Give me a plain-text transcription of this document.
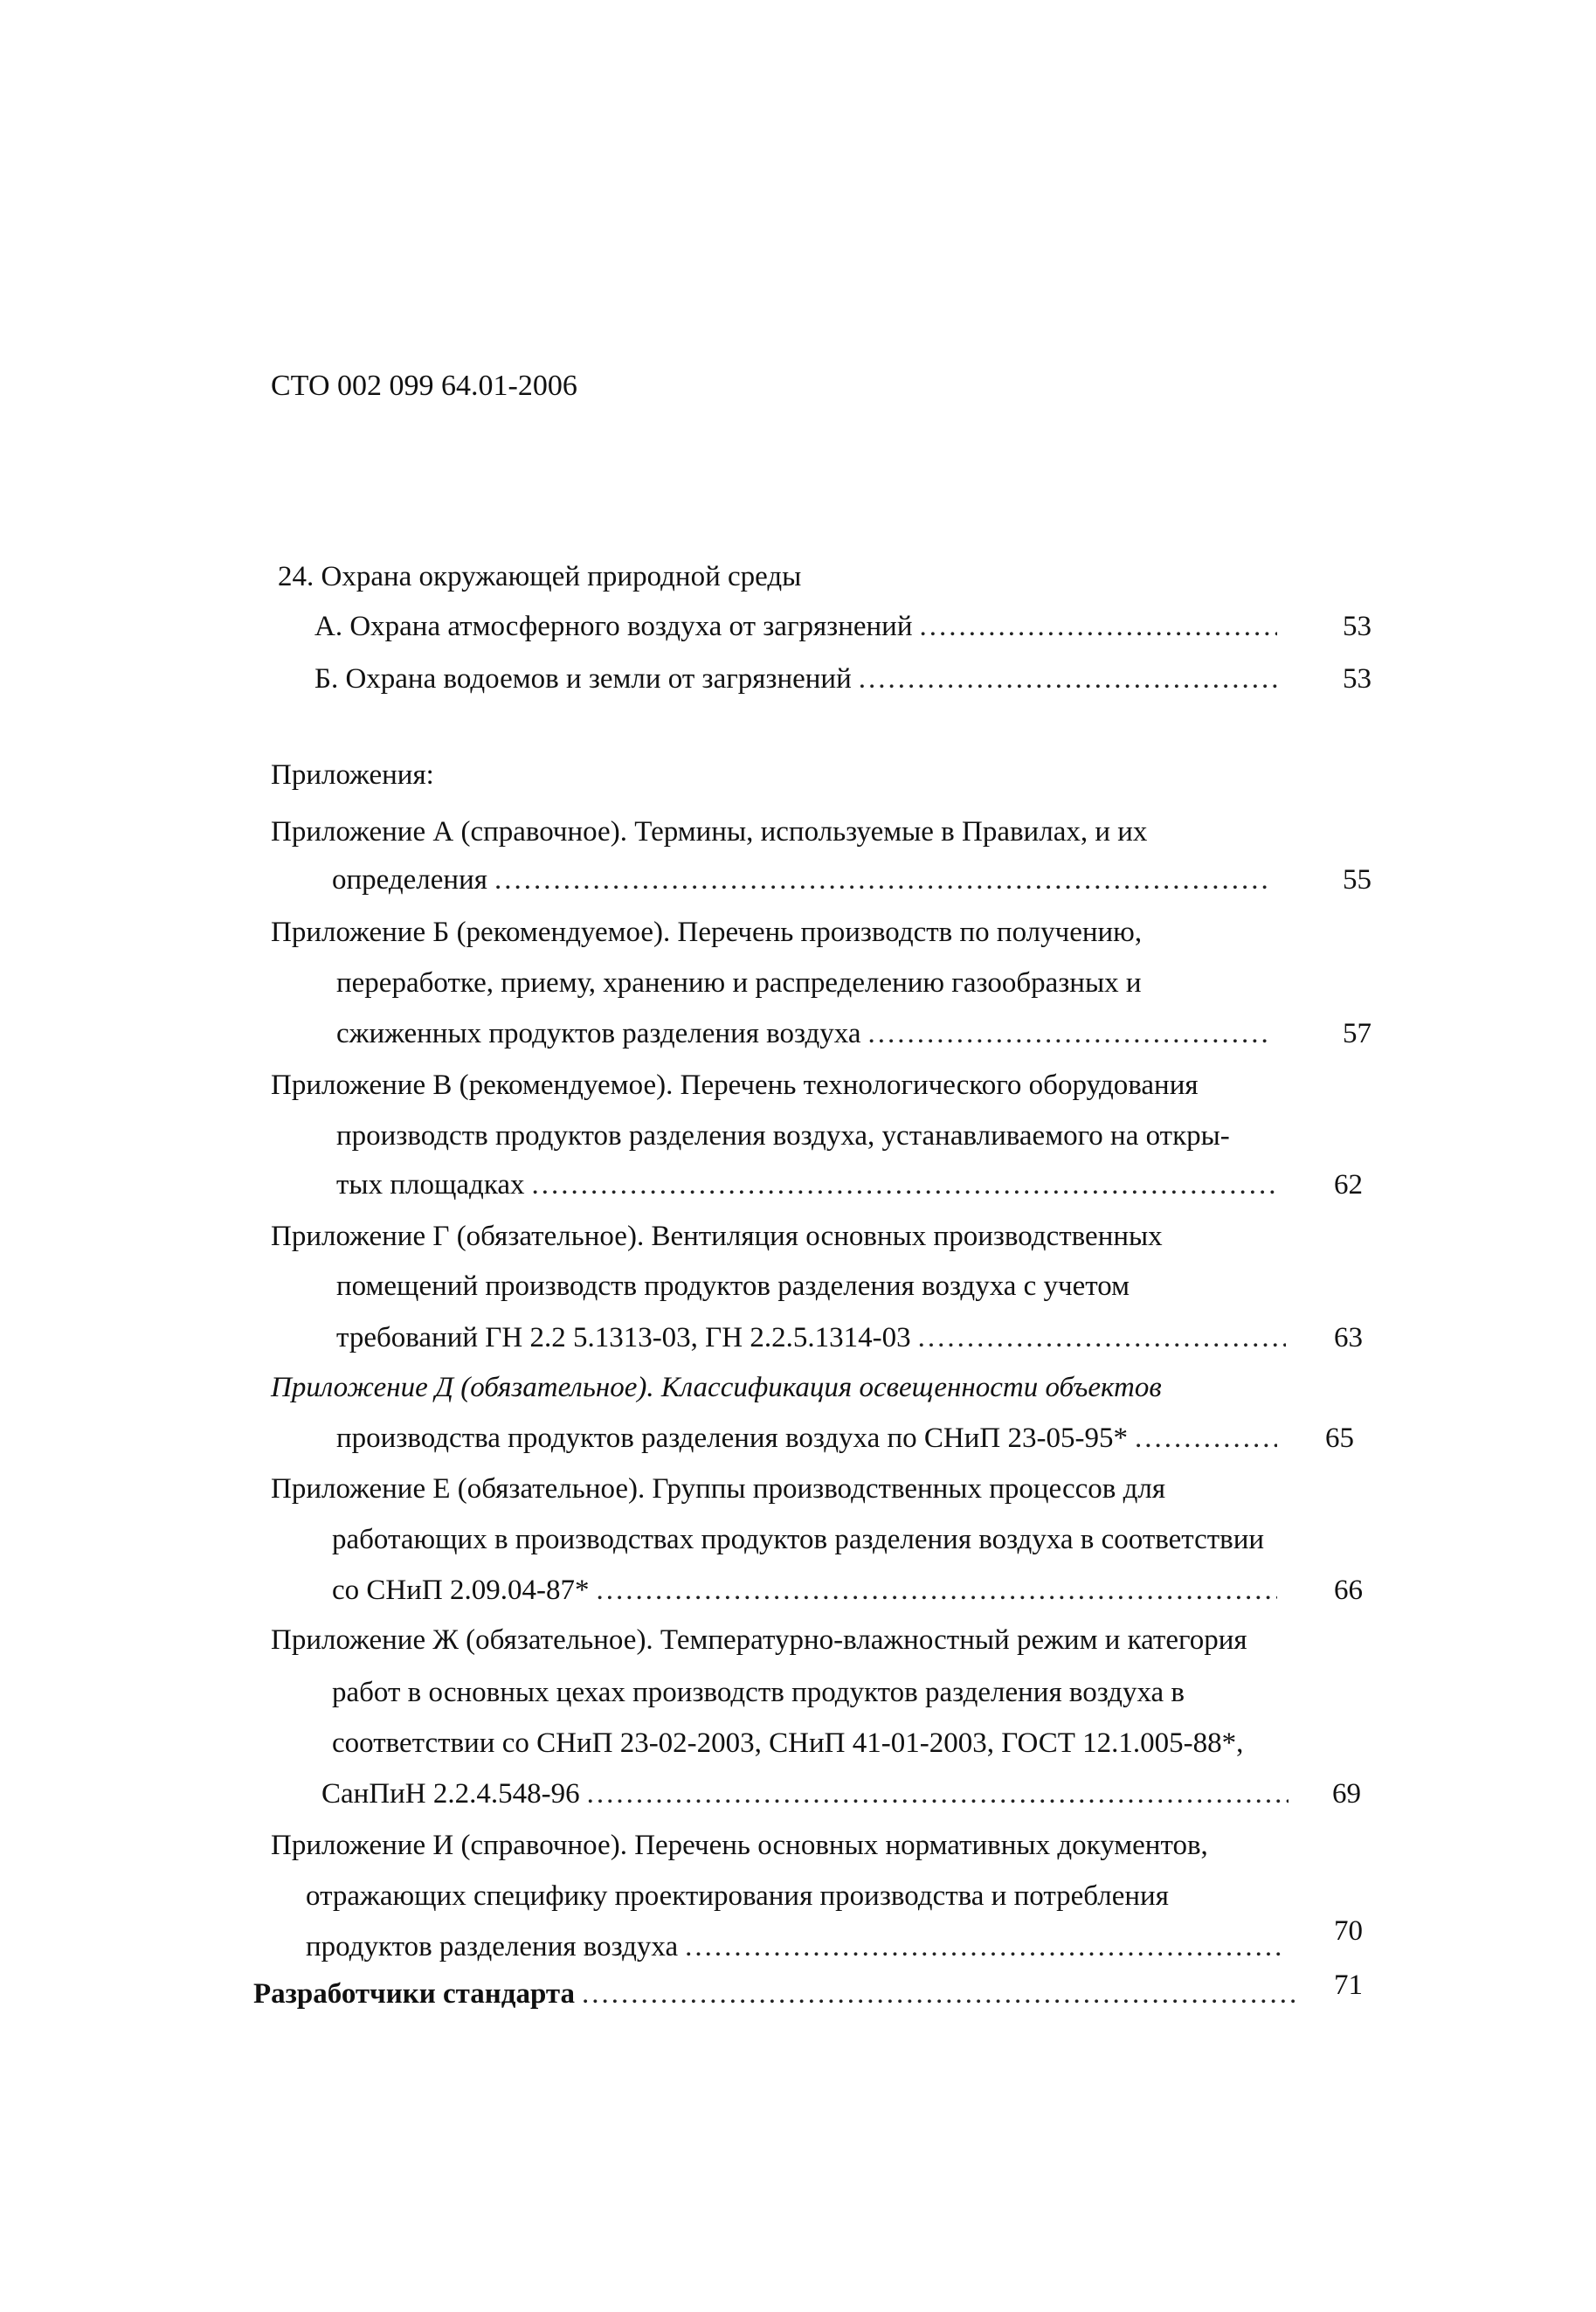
СТО 002 099 64.01-2006
24. Охрана окружающей природной среды
А. Охрана атмосферного воздуха от загрязнений .....	53
Б. Охрана водоемов и земли от загрязнений .....	53
Приложения:
Приложение А (справочное). Термины, используемые в Правилах, и их
определения .....	55
Приложение Б (рекомендуемое). Перечень производств по получению,
переработке, приему, хранению и распределению газообразных и
сжиженных продуктов разделения воздуха .....	57
Приложение В (рекомендуемое). Перечень технологического оборудования
производств продуктов разделения воздуха, устанавливаемого на откры-
тых площадках .....	62
Приложение Г (обязательное). Вентиляция основных производственных
помещений производств продуктов разделения воздуха с учетом
требований ГН 2.2 5.1313-03, ГН 2.2.5.1314-03 .....	63
Приложение Д (обязательное). Классификация освещенности объектов
производства продуктов разделения воздуха по СНиП 23-05-95* .....	65
Приложение Е (обязательное). Группы производственных процессов для
работающих в производствах продуктов разделения воздуха в соответствии
со СНиП 2.09.04-87* .....	66
Приложение Ж (обязательное). Температурно-влажностный режим и категория
работ в основных цехах производств продуктов разделения воздуха в
соответствии со СНиП 23-02-2003, СНиП 41-01-2003, ГОСТ 12.1.005-88*,
СанПиН 2.2.4.548-96 .....	69
Приложение И (справочное). Перечень основных нормативных документов,
отражающих специфику проектирования производства и потребления
продуктов разделения воздуха .....	70
Разработчики стандарта .....	71
